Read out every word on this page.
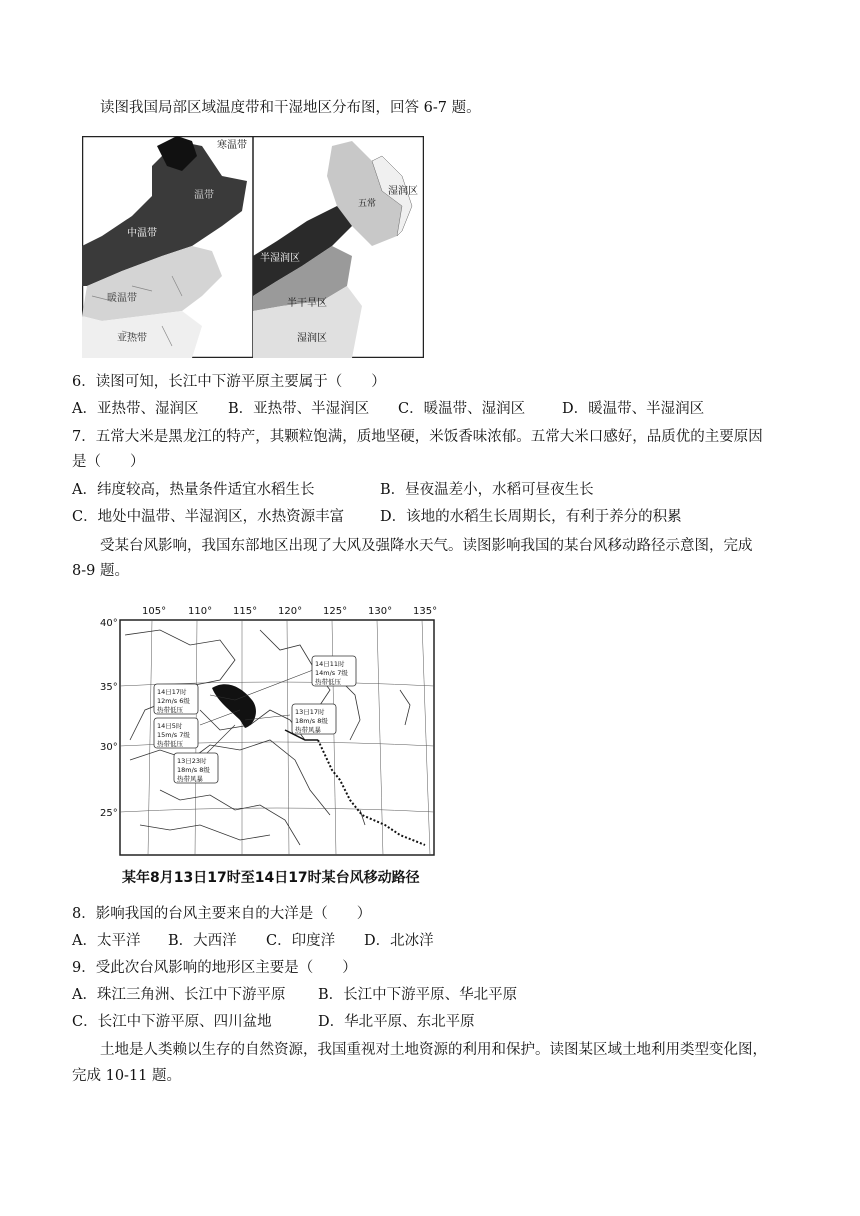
读图我国局部区域温度带和干湿地区分布图，回答 6-7 题。
寒温带
温带
中温带
暖温带
亚热带
湿润区
五常
半湿润区
半干旱区
湿润区
6．读图可知，长江中下游平原主要属于（　　）
A．亚热带、湿润区 B．亚热带、半湿润区 C．暖温带、湿润区	D．暖温带、半湿润区
7．五常大米是黑龙江的特产，其颗粒饱满，质地坚硬，米饭香味浓郁。五常大米口感好，品质优的主要原因
是（　　）
A．纬度较高，热量条件适宜水稻生长	B．昼夜温差小，水稻可昼夜生长
C．地处中温带、半湿润区，水热资源丰富 D．该地的水稻生长周期长，有利于养分的积累
受某台风影响，我国东部地区出现了大风及强降水天气。读图影响我国的某台风移动路径示意图，完成
8-9 题。
14日11时
14m/s 7级
热带低压
14日17时
12m/s 6级
热带低压
14日5时
15m/s 7级
热带低压
13日17时
18m/s 8级
热带风暴
13日23时
18m/s 8级
热带风暴
105° 110° 115° 120° 125° 130° 135°
40°
35°
30°
25°
某年8月13日17时至14日17时某台风移动路径
8．影响我国的台风主要来自的大洋是（　　）
A．太平洋 B．大西洋 C．印度洋 D．北冰洋
9．受此次台风影响的地形区主要是（　　）
A．珠江三角洲、长江中下游平原 B．长江中下游平原、华北平原
C．长江中下游平原、四川盆地	D．华北平原、东北平原
土地是人类赖以生存的自然资源，我国重视对土地资源的利用和保护。读图某区域土地利用类型变化图，
完成 10-11 题。
